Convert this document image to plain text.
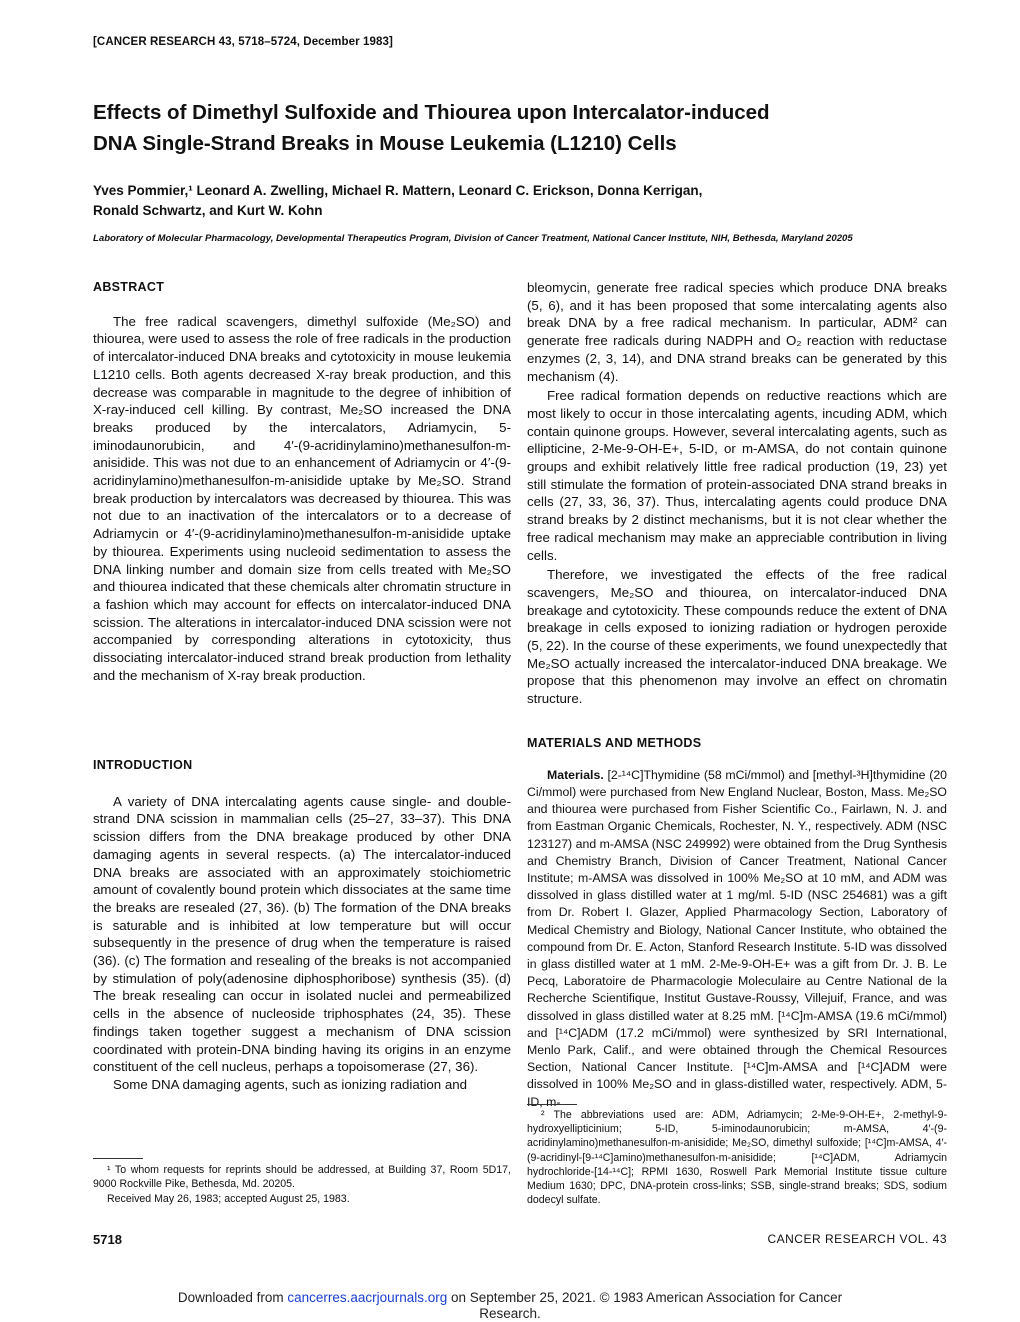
[CANCER RESEARCH 43, 5718–5724, December 1983]
Effects of Dimethyl Sulfoxide and Thiourea upon Intercalator-induced
DNA Single-Strand Breaks in Mouse Leukemia (L1210) Cells
Yves Pommier,¹ Leonard A. Zwelling, Michael R. Mattern, Leonard C. Erickson, Donna Kerrigan,
Ronald Schwartz, and Kurt W. Kohn
Laboratory of Molecular Pharmacology, Developmental Therapeutics Program, Division of Cancer Treatment, National Cancer Institute, NIH, Bethesda, Maryland 20205
ABSTRACT

The free radical scavengers, dimethyl sulfoxide (Me₂SO) and thiourea, were used to assess the role of free radicals in the production of intercalator-induced DNA breaks and cytotoxicity in mouse leukemia L1210 cells. Both agents decreased X-ray break production, and this decrease was comparable in magnitude to the degree of inhibition of X-ray-induced cell killing. By contrast, Me₂SO increased the DNA breaks produced by the intercalators, Adriamycin, 5-iminodaunorubicin, and 4′-(9-acridinylamino)methanesulfon-m-anisidide. This was not due to an enhancement of Adriamycin or 4′-(9-acridinylamino)methanesulfon-m-anisidide uptake by Me₂SO. Strand break production by intercalators was decreased by thiourea. This was not due to an inactivation of the intercalators or to a decrease of Adriamycin or 4′-(9-acridinylamino)methanesulfon-m-anisidide uptake by thiourea. Experiments using nucleoid sedimentation to assess the DNA linking number and domain size from cells treated with Me₂SO and thiourea indicated that these chemicals alter chromatin structure in a fashion which may account for effects on intercalator-induced DNA scission. The alterations in intercalator-induced DNA scission were not accompanied by corresponding alterations in cytotoxicity, thus dissociating intercalator-induced strand break production from lethality and the mechanism of X-ray break production.

INTRODUCTION

A variety of DNA intercalating agents cause single- and double-strand DNA scission in mammalian cells (25–27, 33–37). This DNA scission differs from the DNA breakage produced by other DNA damaging agents in several respects. (a) The intercalator-induced DNA breaks are associated with an approximately stoichiometric amount of covalently bound protein which dissociates at the same time the breaks are resealed (27, 36). (b) The formation of the DNA breaks is saturable and is inhibited at low temperature but will occur subsequently in the presence of drug when the temperature is raised (36). (c) The formation and resealing of the breaks is not accompanied by stimulation of poly(adenosine diphosphoribose) synthesis (35). (d) The break resealing can occur in isolated nuclei and permeabilized cells in the absence of nucleoside triphosphates (24, 35). These findings taken together suggest a mechanism of DNA scission coordinated with protein-DNA binding having its origins in an enzyme constituent of the cell nucleus, perhaps a topoisomerase (27, 36).

Some DNA damaging agents, such as ionizing radiation and

¹ To whom requests for reprints should be addressed, at Building 37, Room 5D17, 9000 Rockville Pike, Bethesda, Md. 20205.

Received May 26, 1983; accepted August 25, 1983.

bleomycin, generate free radical species which produce DNA breaks (5, 6), and it has been proposed that some intercalating agents also break DNA by a free radical mechanism. In particular, ADM² can generate free radicals during NADPH and O₂ reaction with reductase enzymes (2, 3, 14), and DNA strand breaks can be generated by this mechanism (4).

Free radical formation depends on reductive reactions which are most likely to occur in those intercalating agents, incuding ADM, which contain quinone groups. However, several intercalating agents, such as ellipticine, 2-Me-9-OH-E+, 5-ID, or m-AMSA, do not contain quinone groups and exhibit relatively little free radical production (19, 23) yet still stimulate the formation of protein-associated DNA strand breaks in cells (27, 33, 36, 37). Thus, intercalating agents could produce DNA strand breaks by 2 distinct mechanisms, but it is not clear whether the free radical mechanism may make an appreciable contribution in living cells.

Therefore, we investigated the effects of the free radical scavengers, Me₂SO and thiourea, on intercalator-induced DNA breakage and cytotoxicity. These compounds reduce the extent of DNA breakage in cells exposed to ionizing radiation or hydrogen peroxide (5, 22). In the course of these experiments, we found unexpectedly that Me₂SO actually increased the intercalator-induced DNA breakage. We propose that this phenomenon may involve an effect on chromatin structure.

MATERIALS AND METHODS

Materials. [2-¹⁴C]Thymidine (58 mCi/mmol) and [methyl-³H]thymidine (20 Ci/mmol) were purchased from New England Nuclear, Boston, Mass. Me₂SO and thiourea were purchased from Fisher Scientific Co., Fairlawn, N. J. and from Eastman Organic Chemicals, Rochester, N. Y., respectively. ADM (NSC 123127) and m-AMSA (NSC 249992) were obtained from the Drug Synthesis and Chemistry Branch, Division of Cancer Treatment, National Cancer Institute; m-AMSA was dissolved in 100% Me₂SO at 10 mM, and ADM was dissolved in glass distilled water at 1 mg/ml. 5-ID (NSC 254681) was a gift from Dr. Robert I. Glazer, Applied Pharmacology Section, Laboratory of Medical Chemistry and Biology, National Cancer Institute, who obtained the compound from Dr. E. Acton, Stanford Research Institute. 5-ID was dissolved in glass distilled water at 1 mM. 2-Me-9-OH-E+ was a gift from Dr. J. B. Le Pecq, Laboratoire de Pharmacologie Moleculaire au Centre National de la Recherche Scientifique, Institut Gustave-Roussy, Villejuif, France, and was dissolved in glass distilled water at 8.25 mM. [¹⁴C]m-AMSA (19.6 mCi/mmol) and [¹⁴C]ADM (17.2 mCi/mmol) were synthesized by SRI International, Menlo Park, Calif., and were obtained through the Chemical Resources Section, National Cancer Institute. [¹⁴C]m-AMSA and [¹⁴C]ADM were dissolved in 100% Me₂SO and in glass-distilled water, respectively. ADM, 5-ID, m-

² The abbreviations used are: ADM, Adriamycin; 2-Me-9-OH-E+, 2-methyl-9-hydroxyellipticinium; 5-ID, 5-iminodaunorubicin; m-AMSA, 4′-(9-acridinylamino)methanesulfon-m-anisidide; Me₂SO, dimethyl sulfoxide; [¹⁴C]m-AMSA, 4′-(9-acridinyl-[9-¹⁴C]amino)methanesulfon-m-anisidide; [¹⁴C]ADM, Adriamycin hydrochloride-[14-¹⁴C]; RPMI 1630, Roswell Park Memorial Institute tissue culture Medium 1630; DPC, DNA-protein cross-links; SSB, single-strand breaks; SDS, sodium dodecyl sulfate.

5718	CANCER RESEARCH VOL. 43
Downloaded from cancerres.aacrjournals.org on September 25, 2021. © 1983 American Association for Cancer
Research.
